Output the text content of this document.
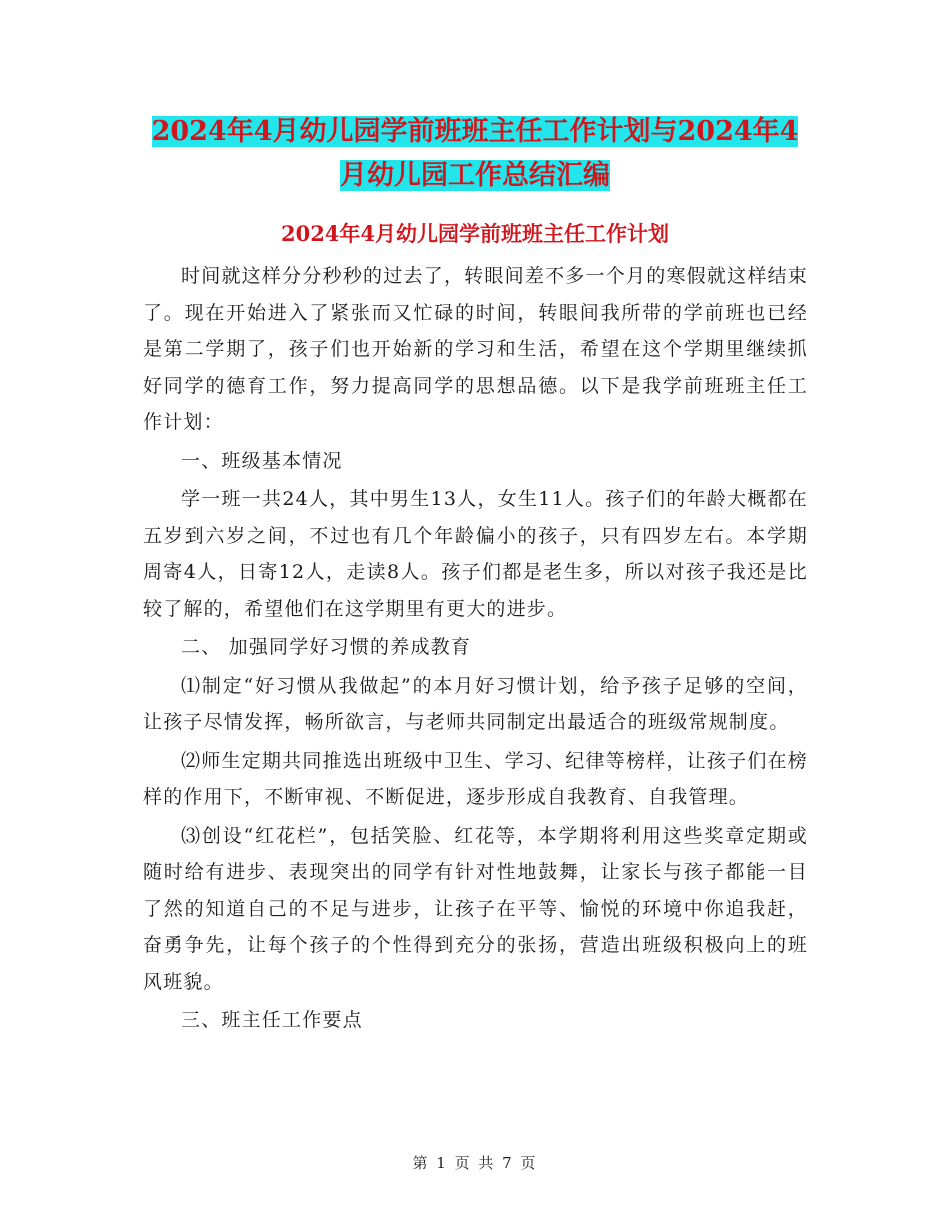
2024年4月幼儿园学前班班主任工作计划与2024年4
月幼儿园工作总结汇编
2024年4月幼儿园学前班班主任工作计划

时间就这样分分秒秒的过去了，转眼间差不多一个月的寒假就这样结束了。现在开始进入了紧张而又忙碌的时间，转眼间我所带的学前班也已经是第二学期了，孩子们也开始新的学习和生活，希望在这个学期里继续抓好同学的德育工作，努力提高同学的思想品德。以下是我学前班班主任工作计划：

一、班级基本情况

学一班一共24人，其中男生13人，女生11人。孩子们的年龄大概都在五岁到六岁之间，不过也有几个年龄偏小的孩子，只有四岁左右。本学期周寄4人，日寄12人，走读8人。孩子们都是老生多，所以对孩子我还是比较了解的，希望他们在这学期里有更大的进步。

二、 加强同学好习惯的养成教育

⑴制定“好习惯从我做起”的本月好习惯计划，给予孩子足够的空间，让孩子尽情发挥，畅所欲言，与老师共同制定出最适合的班级常规制度。

⑵师生定期共同推选出班级中卫生、学习、纪律等榜样，让孩子们在榜样的作用下，不断审视、不断促进，逐步形成自我教育、自我管理。

⑶创设“红花栏”，包括笑脸、红花等，本学期将利用这些奖章定期或随时给有进步、表现突出的同学有针对性地鼓舞，让家长与孩子都能一目了然的知道自己的不足与进步，让孩子在平等、愉悦的环境中你追我赶，奋勇争先，让每个孩子的个性得到充分的张扬，营造出班级积极向上的班风班貌。

三、班主任工作要点

第 1 页 共 7 页
